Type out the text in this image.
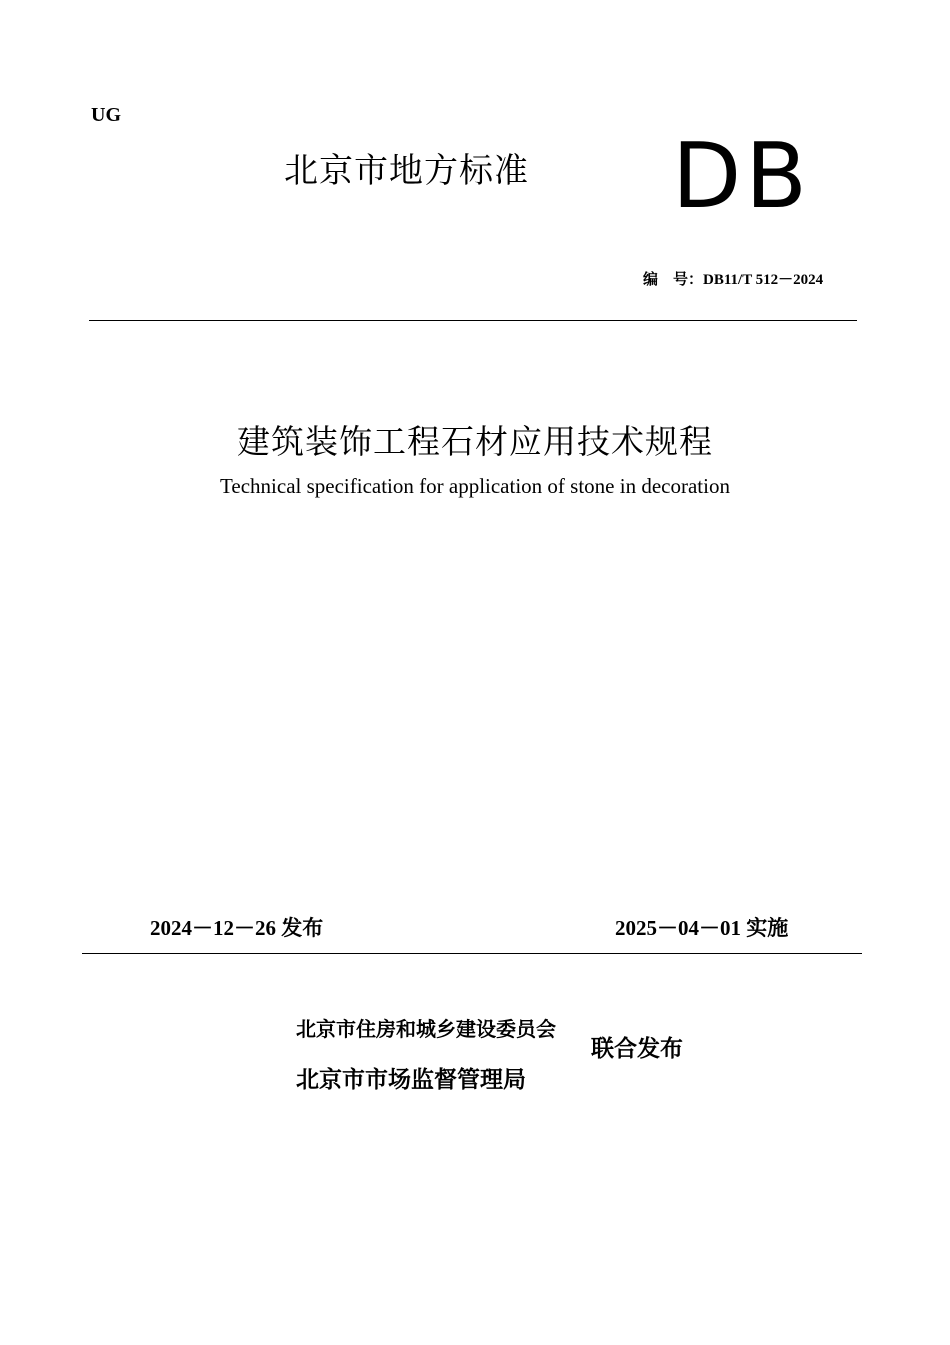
UG
北京市地方标准 DB
编　号：DB11/T 512－2024
建筑装饰工程石材应用技术规程
Technical specification for application of stone in decoration
2024－12－26 发布	2025－04－01 实施
北京市住房和城乡建设委员会
北京市市场监督管理局
联合发布
